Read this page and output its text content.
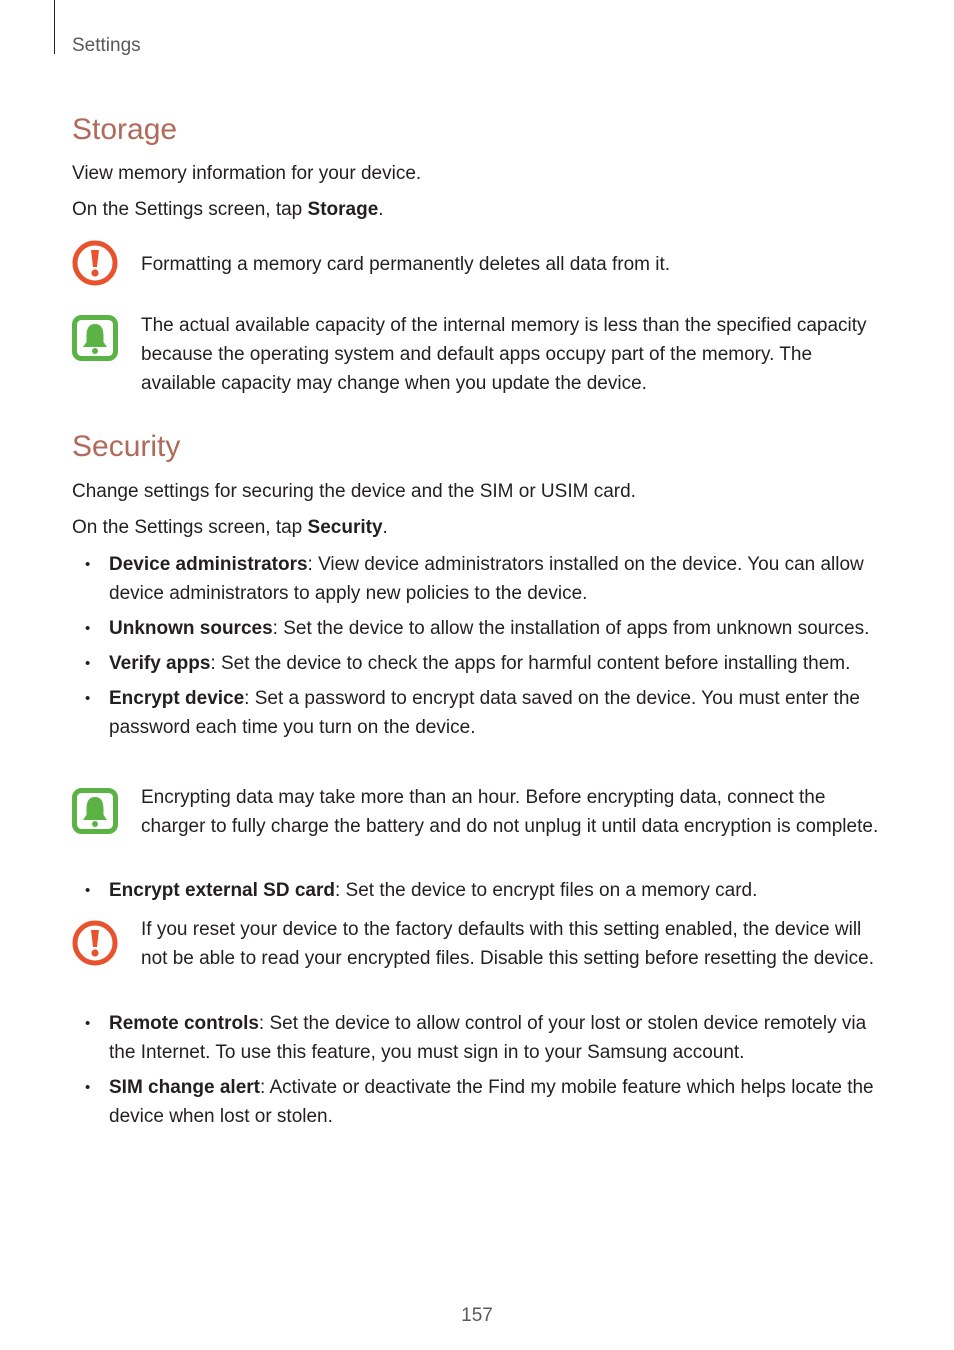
Settings
Storage

View memory information for your device.

On the Settings screen, tap Storage.

Formatting a memory card permanently deletes all data from it.

The actual available capacity of the internal memory is less than the specified capacity because the operating system and default apps occupy part of the memory. The available capacity may change when you update the device.

Security

Change settings for securing the device and the SIM or USIM card.

On the Settings screen, tap Security.

• Device administrators: View device administrators installed on the device. You can allow device administrators to apply new policies to the device.
• Unknown sources: Set the device to allow the installation of apps from unknown sources.
• Verify apps: Set the device to check the apps for harmful content before installing them.
• Encrypt device: Set a password to encrypt data saved on the device. You must enter the password each time you turn on the device.

Encrypting data may take more than an hour. Before encrypting data, connect the charger to fully charge the battery and do not unplug it until data encryption is complete.

• Encrypt external SD card: Set the device to encrypt files on a memory card.

If you reset your device to the factory defaults with this setting enabled, the device will not be able to read your encrypted files. Disable this setting before resetting the device.

• Remote controls: Set the device to allow control of your lost or stolen device remotely via the Internet. To use this feature, you must sign in to your Samsung account.
• SIM change alert: Activate or deactivate the Find my mobile feature which helps locate the device when lost or stolen.
157
